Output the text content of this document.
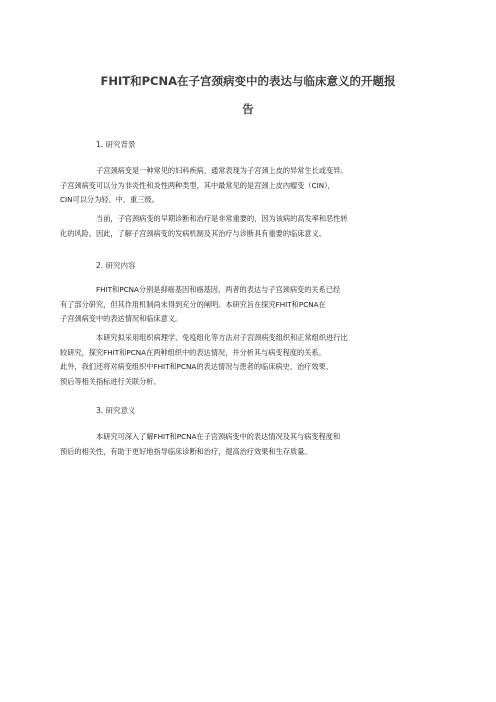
FHIT和PCNA在子宫颈病变中的表达与临床意义的开题报
告
1. 研究背景
子宫颈病变是一种常见的妇科疾病，通常表现为子宫颈上皮的异常生长或变异。
子宫颈病变可以分为非炎性和炎性两种类型，其中最常见的是宫颈上皮内瘤变（CIN），
CIN可以分为轻、中、重三级。
当前，子宫颈病变的早期诊断和治疗是非常重要的，因为该病的高发率和恶性转
化的风险。因此，了解子宫颈病变的发病机制及其治疗与诊断具有重要的临床意义。
2. 研究内容
FHIT和PCNA分别是抑癌基因和癌基因，两者的表达与子宫颈病变的关系已经
有了部分研究，但其作用机制尚未得到充分的阐明。本研究旨在探究FHIT和PCNA在
子宫颈病变中的表达情况和临床意义。
本研究拟采用组织病理学、免疫组化等方法对子宫颈病变组织和正常组织进行比
较研究，探究FHIT和PCNA在两种组织中的表达情况，并分析其与病变程度的关系。
此外，我们还将对病变组织中FHIT和PCNA的表达情况与患者的临床病史、治疗效果、
预后等相关指标进行关联分析。
3. 研究意义
本研究可深入了解FHIT和PCNA在子宫颈病变中的表达情况及其与病变程度和
预后的相关性，有助于更好地指导临床诊断和治疗，提高治疗效果和生存质量。
